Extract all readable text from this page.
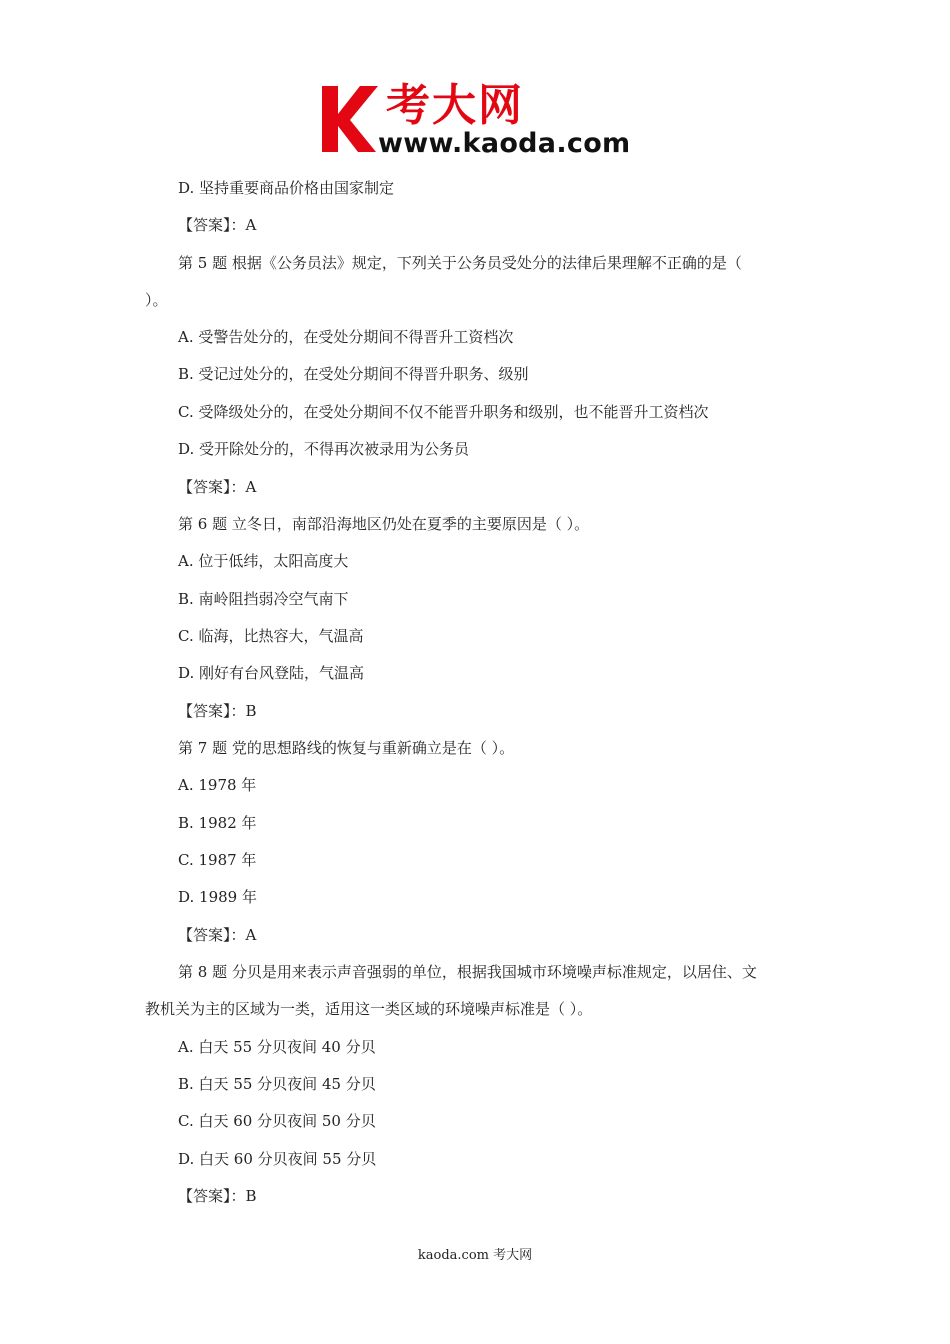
考大网
www.kaoda.com
D. 坚持重要商品价格由国家制定
【答案】：A
第 5 题 根据《公务员法》规定，下列关于公务员受处分的法律后果理解不正确的是（
）。
A. 受警告处分的，在受处分期间不得晋升工资档次
B. 受记过处分的，在受处分期间不得晋升职务、级别
C. 受降级处分的，在受处分期间不仅不能晋升职务和级别，也不能晋升工资档次
D. 受开除处分的，不得再次被录用为公务员
【答案】：A
第 6 题 立冬日，南部沿海地区仍处在夏季的主要原因是（ ）。
A. 位于低纬，太阳高度大
B. 南岭阻挡弱冷空气南下
C. 临海，比热容大，气温高
D. 刚好有台风登陆，气温高
【答案】：B
第 7 题 党的思想路线的恢复与重新确立是在（ ）。
A. 1978 年
B. 1982 年
C. 1987 年
D. 1989 年
【答案】：A
第 8 题 分贝是用来表示声音强弱的单位，根据我国城市环境噪声标准规定，以居住、文
教机关为主的区域为一类，适用这一类区域的环境噪声标准是（ ）。
A. 白天 55 分贝夜间 40 分贝
B. 白天 55 分贝夜间 45 分贝
C. 白天 60 分贝夜间 50 分贝
D. 白天 60 分贝夜间 55 分贝
【答案】：B
kaoda.com 考大网
